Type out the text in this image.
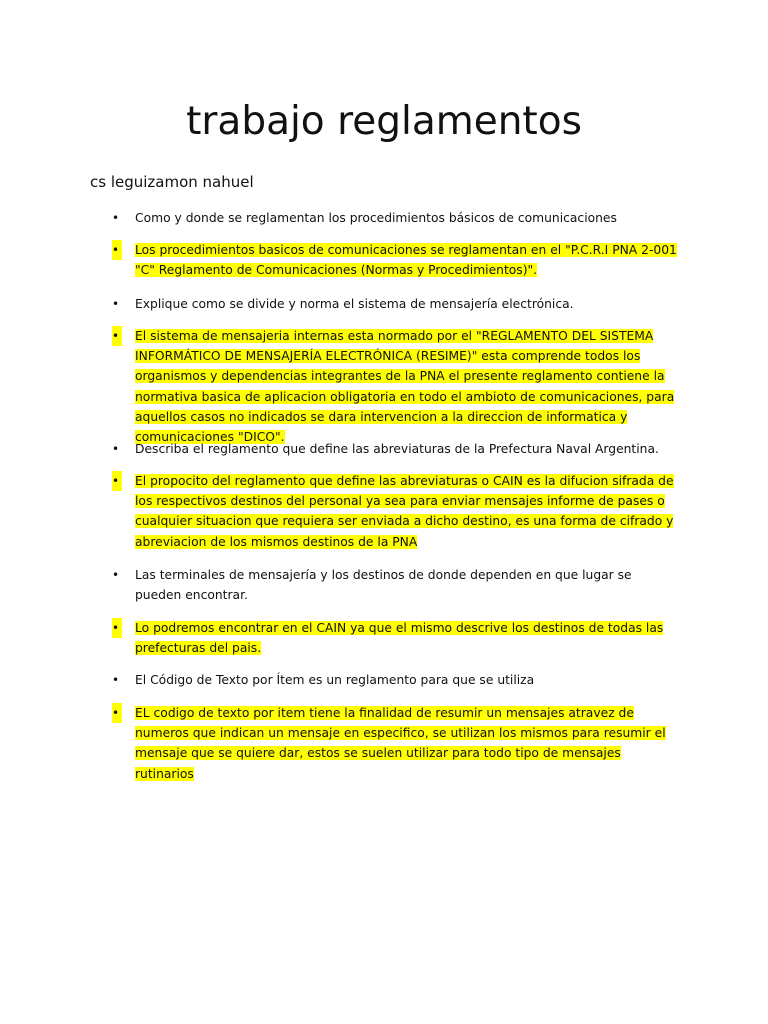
trabajo reglamentos

cs leguizamon nahuel

• Como y donde se reglamentan los procedimientos básicos de comunicaciones
• Los procedimientos basicos de comunicaciones se reglamentan en el "P.C.R.I PNA 2-001 "C" Reglamento de Comunicaciones (Normas y Procedimientos)".
• Explique como se divide y norma el sistema de mensajería electrónica.
• El sistema de mensajeria internas esta normado por el "REGLAMENTO DEL SISTEMA INFORMÁTICO DE MENSAJERÍA ELECTRÓNICA (RESIME)" esta comprende todos los organismos y dependencias integrantes de la PNA el presente reglamento contiene la normativa basica de aplicacion obligatoria en todo el ambioto de comunicaciones, para aquellos casos no indicados se dara intervencion a la direccion de informatica y comunicaciones "DICO".
• Describa el reglamento que define las abreviaturas de la Prefectura Naval Argentina.
• El propocito del reglamento que define las abreviaturas o CAIN es la difucion sifrada de los respectivos destinos del personal ya sea para enviar mensajes informe de pases o cualquier situacion que requiera ser enviada a dicho destino, es una forma de cifrado y abreviacion de los mismos destinos de la PNA
• Las terminales de mensajería y los destinos de donde dependen en que lugar se pueden encontrar.
• Lo podremos encontrar en el CAIN ya que el mismo descrive los destinos de todas las prefecturas del pais.
• El Código de Texto por Ítem es un reglamento para que se utiliza
• EL codigo de texto por item tiene la finalidad de resumir un mensajes atravez de numeros que indican un mensaje en especifico, se utilizan los mismos para resumir el mensaje que se quiere dar, estos se suelen utilizar para todo tipo de mensajes rutinarios
